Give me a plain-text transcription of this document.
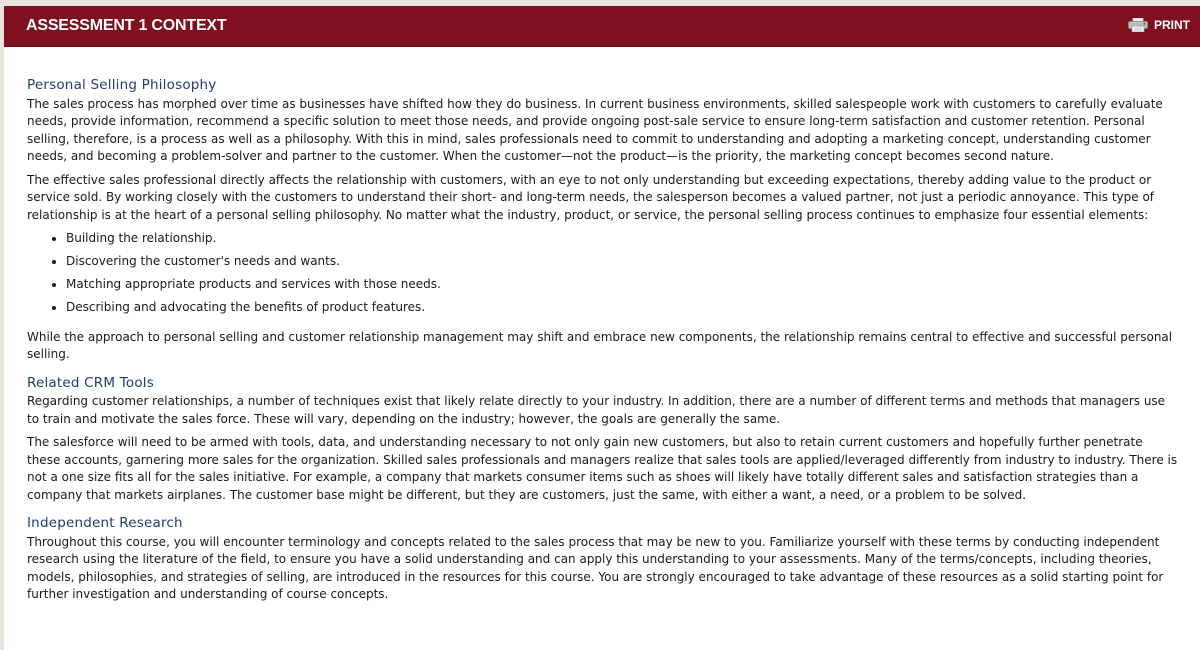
ASSESSMENT 1 CONTEXT	PRINT
Personal Selling Philosophy

The sales process has morphed over time as businesses have shifted how they do business. In current business environments, skilled salespeople work with customers to carefully evaluate needs, provide information, recommend a specific solution to meet those needs, and provide ongoing post-sale service to ensure long-term satisfaction and customer retention. Personal selling, therefore, is a process as well as a philosophy. With this in mind, sales professionals need to commit to understanding and adopting a marketing concept, understanding customer needs, and becoming a problem-solver and partner to the customer. When the customer—not the product—is the priority, the marketing concept becomes second nature.

The effective sales professional directly affects the relationship with customers, with an eye to not only understanding but exceeding expectations, thereby adding value to the product or service sold. By working closely with the customers to understand their short- and long-term needs, the salesperson becomes a valued partner, not just a periodic annoyance. This type of relationship is at the heart of a personal selling philosophy. No matter what the industry, product, or service, the personal selling process continues to emphasize four essential elements:

• Building the relationship.
• Discovering the customer's needs and wants.
• Matching appropriate products and services with those needs.
• Describing and advocating the benefits of product features.

While the approach to personal selling and customer relationship management may shift and embrace new components, the relationship remains central to effective and successful personal selling.

Related CRM Tools

Regarding customer relationships, a number of techniques exist that likely relate directly to your industry. In addition, there are a number of different terms and methods that managers use to train and motivate the sales force. These will vary, depending on the industry; however, the goals are generally the same.

The salesforce will need to be armed with tools, data, and understanding necessary to not only gain new customers, but also to retain current customers and hopefully further penetrate these accounts, garnering more sales for the organization. Skilled sales professionals and managers realize that sales tools are applied/leveraged differently from industry to industry. There is not a one size fits all for the sales initiative. For example, a company that markets consumer items such as shoes will likely have totally different sales and satisfaction strategies than a company that markets airplanes. The customer base might be different, but they are customers, just the same, with either a want, a need, or a problem to be solved.

Independent Research

Throughout this course, you will encounter terminology and concepts related to the sales process that may be new to you. Familiarize yourself with these terms by conducting independent research using the literature of the field, to ensure you have a solid understanding and can apply this understanding to your assessments. Many of the terms/concepts, including theories, models, philosophies, and strategies of selling, are introduced in the resources for this course. You are strongly encouraged to take advantage of these resources as a solid starting point for further investigation and understanding of course concepts.
